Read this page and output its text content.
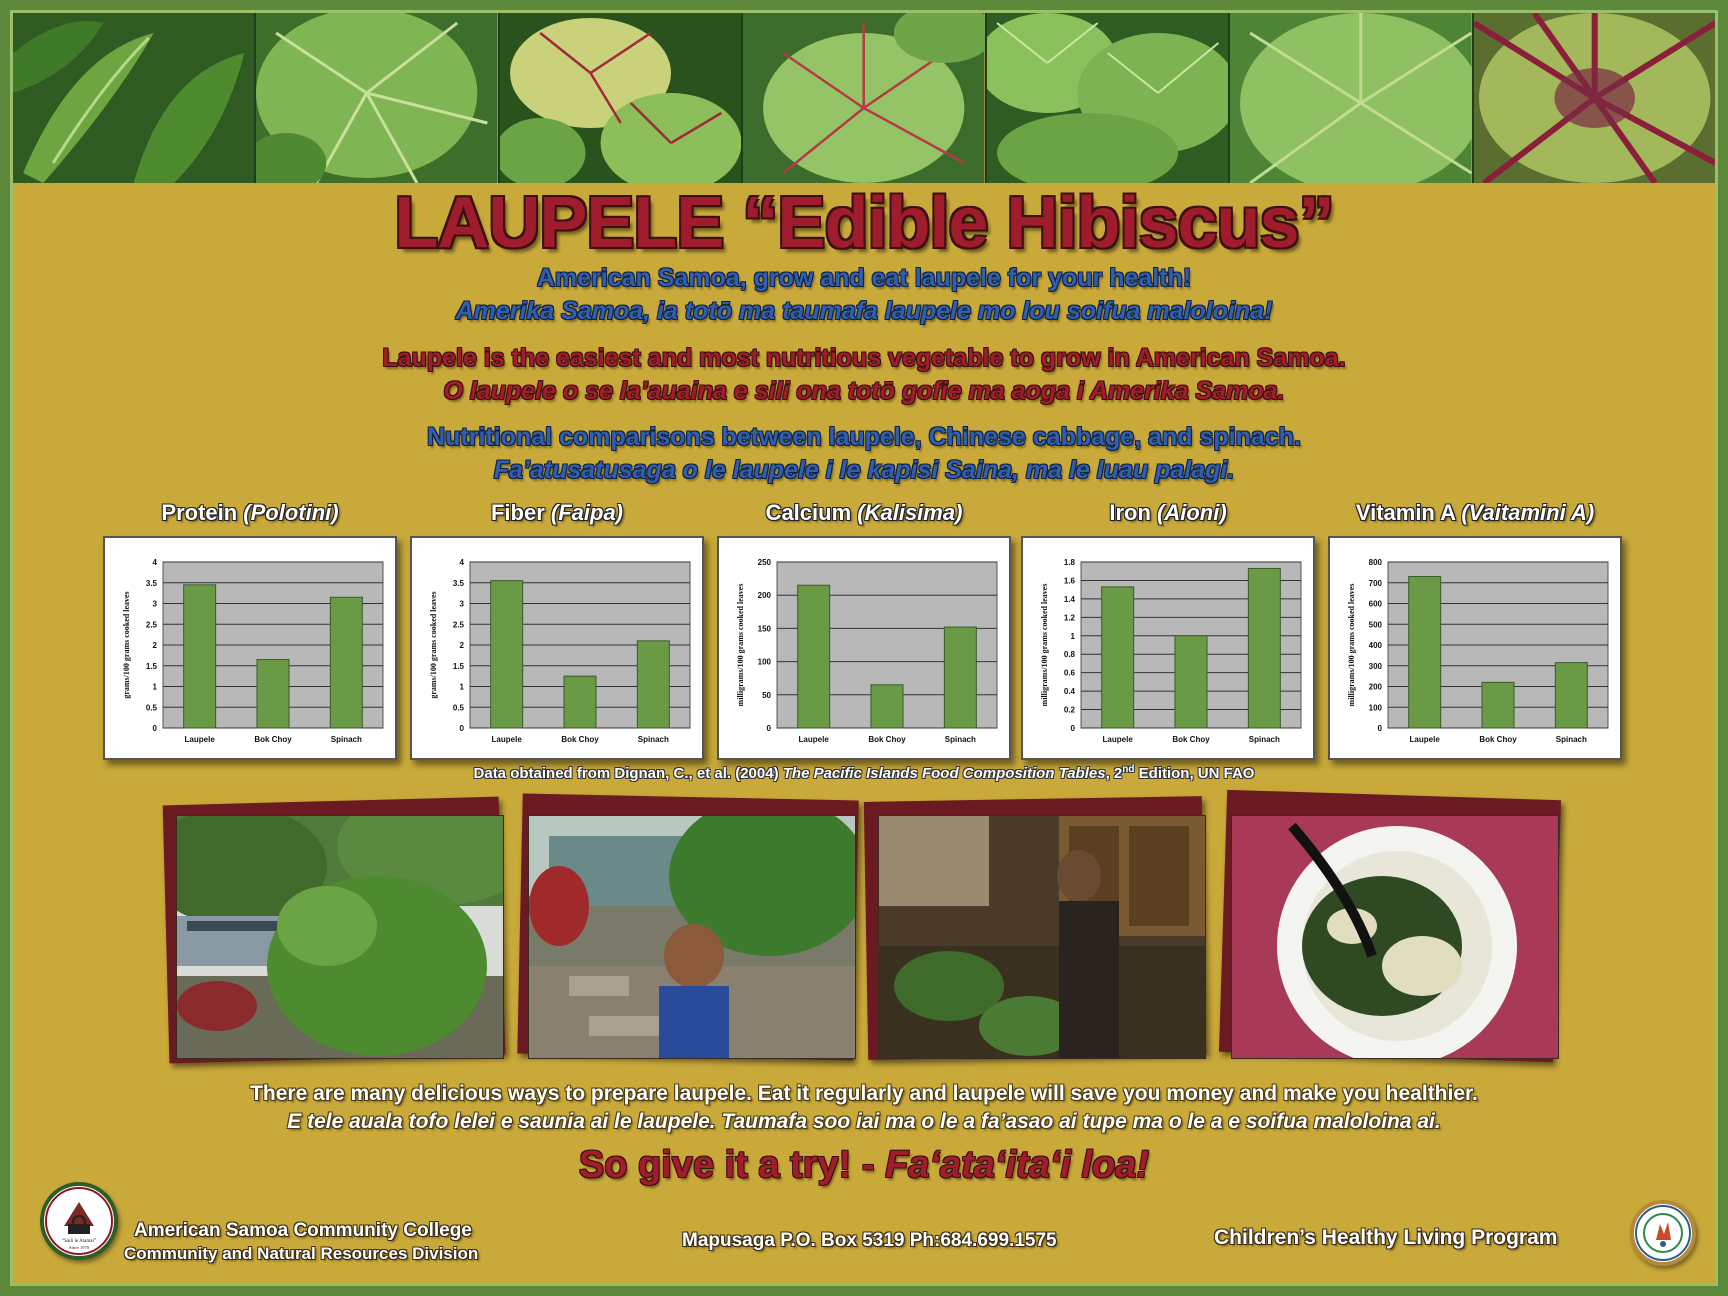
LAUPELE “Edible Hibiscus”
American Samoa, grow and eat laupele for your health!
Amerika Samoa, ia totō ma taumafa laupele mo lou soifua maloloina!
Laupele is the easiest and most nutritious vegetable to grow in American Samoa.
O laupele o se la’auaina e sili ona totō gofie ma aoga i Amerika Samoa.
Nutritional comparisons between laupele, Chinese cabbage, and spinach.
Fa’atusatusaga o le laupele i le kapisi Saina, ma le luau palagi.
Protein (Polotini)
0
0.5
1
1.5
2
2.5
3
3.5
4
Laupele	Bok Choy	Spinach
grams/100 grams cooked leaves
Fiber (Faipa)
0
0.5
1
1.5
2
2.5
3
3.5
4
Laupele	Bok Choy	Spinach
grams/100 grams cooked leaves
Calcium (Kalisima)
0
50
100
150
200
250
Laupele	Bok Choy	Spinach
milligrams/100 grams cooked leaves
Iron (Aioni)
0
0.2
0.4
0.6
0.8
1
1.2
1.4
1.6
1.8
Laupele	Bok Choy	Spinach
milligrams/100 grams cooked leaves
Vitamin A (Vaitamini A)
0
100
200
300
400
500
600
700
800
Laupele	Bok Choy	Spinach
milligrams/100 grams cooked leaves
Data obtained from Dignan, C., et al. (2004) The Pacific Islands Food Composition Tables, 2nd Edition, UN FAO
There are many delicious ways to prepare laupele. Eat it regularly and laupele will save you money and make you healthier.
E tele auala tofo lelei e saunia ai le laupele. Taumafa soo iai ma o le a fa’asao ai tupe ma o le a e soifua maloloina ai.
So give it a try! - Faʻataʻitaʻi loa!
“Saili le Atamai”
Since 1970
American Samoa Community College
Community and Natural Resources Division
Mapusaga P.O. Box 5319 Ph:684.699.1575	Children’s Healthy Living Program
